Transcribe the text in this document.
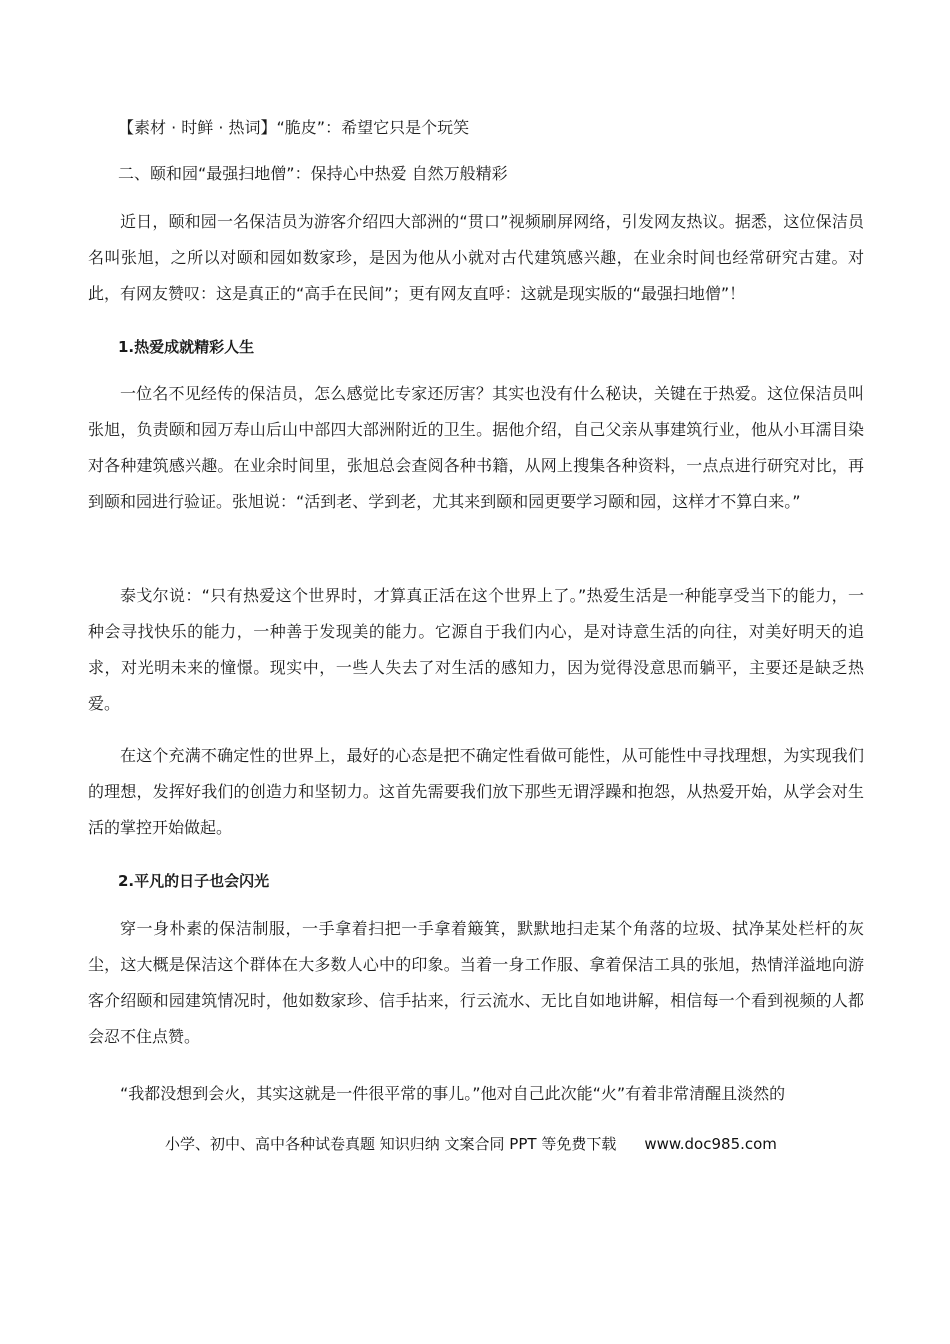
【素材 · 时鲜 · 热词】“脆皮”：希望它只是个玩笑
二、颐和园“最强扫地僧”：保持心中热爱 自然万般精彩
近日，颐和园一名保洁员为游客介绍四大部洲的“贯口”视频刷屏网络，引发网友热议。据悉，这位保洁员名叫张旭，之所以对颐和园如数家珍，是因为他从小就对古代建筑感兴趣，在业余时间也经常研究古建。对此，有网友赞叹：这是真正的“高手在民间”；更有网友直呼：这就是现实版的“最强扫地僧”！
1.热爱成就精彩人生
一位名不见经传的保洁员，怎么感觉比专家还厉害？其实也没有什么秘诀，关键在于热爱。这位保洁员叫张旭，负责颐和园万寿山后山中部四大部洲附近的卫生。据他介绍，自己父亲从事建筑行业，他从小耳濡目染对各种建筑感兴趣。在业余时间里，张旭总会查阅各种书籍，从网上搜集各种资料，一点点进行研究对比，再到颐和园进行验证。张旭说：“活到老、学到老，尤其来到颐和园更要学习颐和园，这样才不算白来。”
泰戈尔说：“只有热爱这个世界时，才算真正活在这个世界上了。”热爱生活是一种能享受当下的能力，一种会寻找快乐的能力，一种善于发现美的能力。它源自于我们内心，是对诗意生活的向往，对美好明天的追求，对光明未来的憧憬。现实中，一些人失去了对生活的感知力，因为觉得没意思而躺平，主要还是缺乏热爱。
在这个充满不确定性的世界上，最好的心态是把不确定性看做可能性，从可能性中寻找理想，为实现我们的理想，发挥好我们的创造力和坚韧力。这首先需要我们放下那些无谓浮躁和抱怨，从热爱开始，从学会对生活的掌控开始做起。
2.平凡的日子也会闪光
穿一身朴素的保洁制服，一手拿着扫把一手拿着簸箕，默默地扫走某个角落的垃圾、拭净某处栏杆的灰尘，这大概是保洁这个群体在大多数人心中的印象。当着一身工作服、拿着保洁工具的张旭，热情洋溢地向游客介绍颐和园建筑情况时，他如数家珍、信手拈来，行云流水、无比自如地讲解，相信每一个看到视频的人都会忍不住点赞。
“我都没想到会火，其实这就是一件很平常的事儿。”他对自己此次能“火”有着非常清醒且淡然的
小学、初中、高中各种试卷真题 知识归纳 文案合同 PPT 等免费下载 www.doc985.com
